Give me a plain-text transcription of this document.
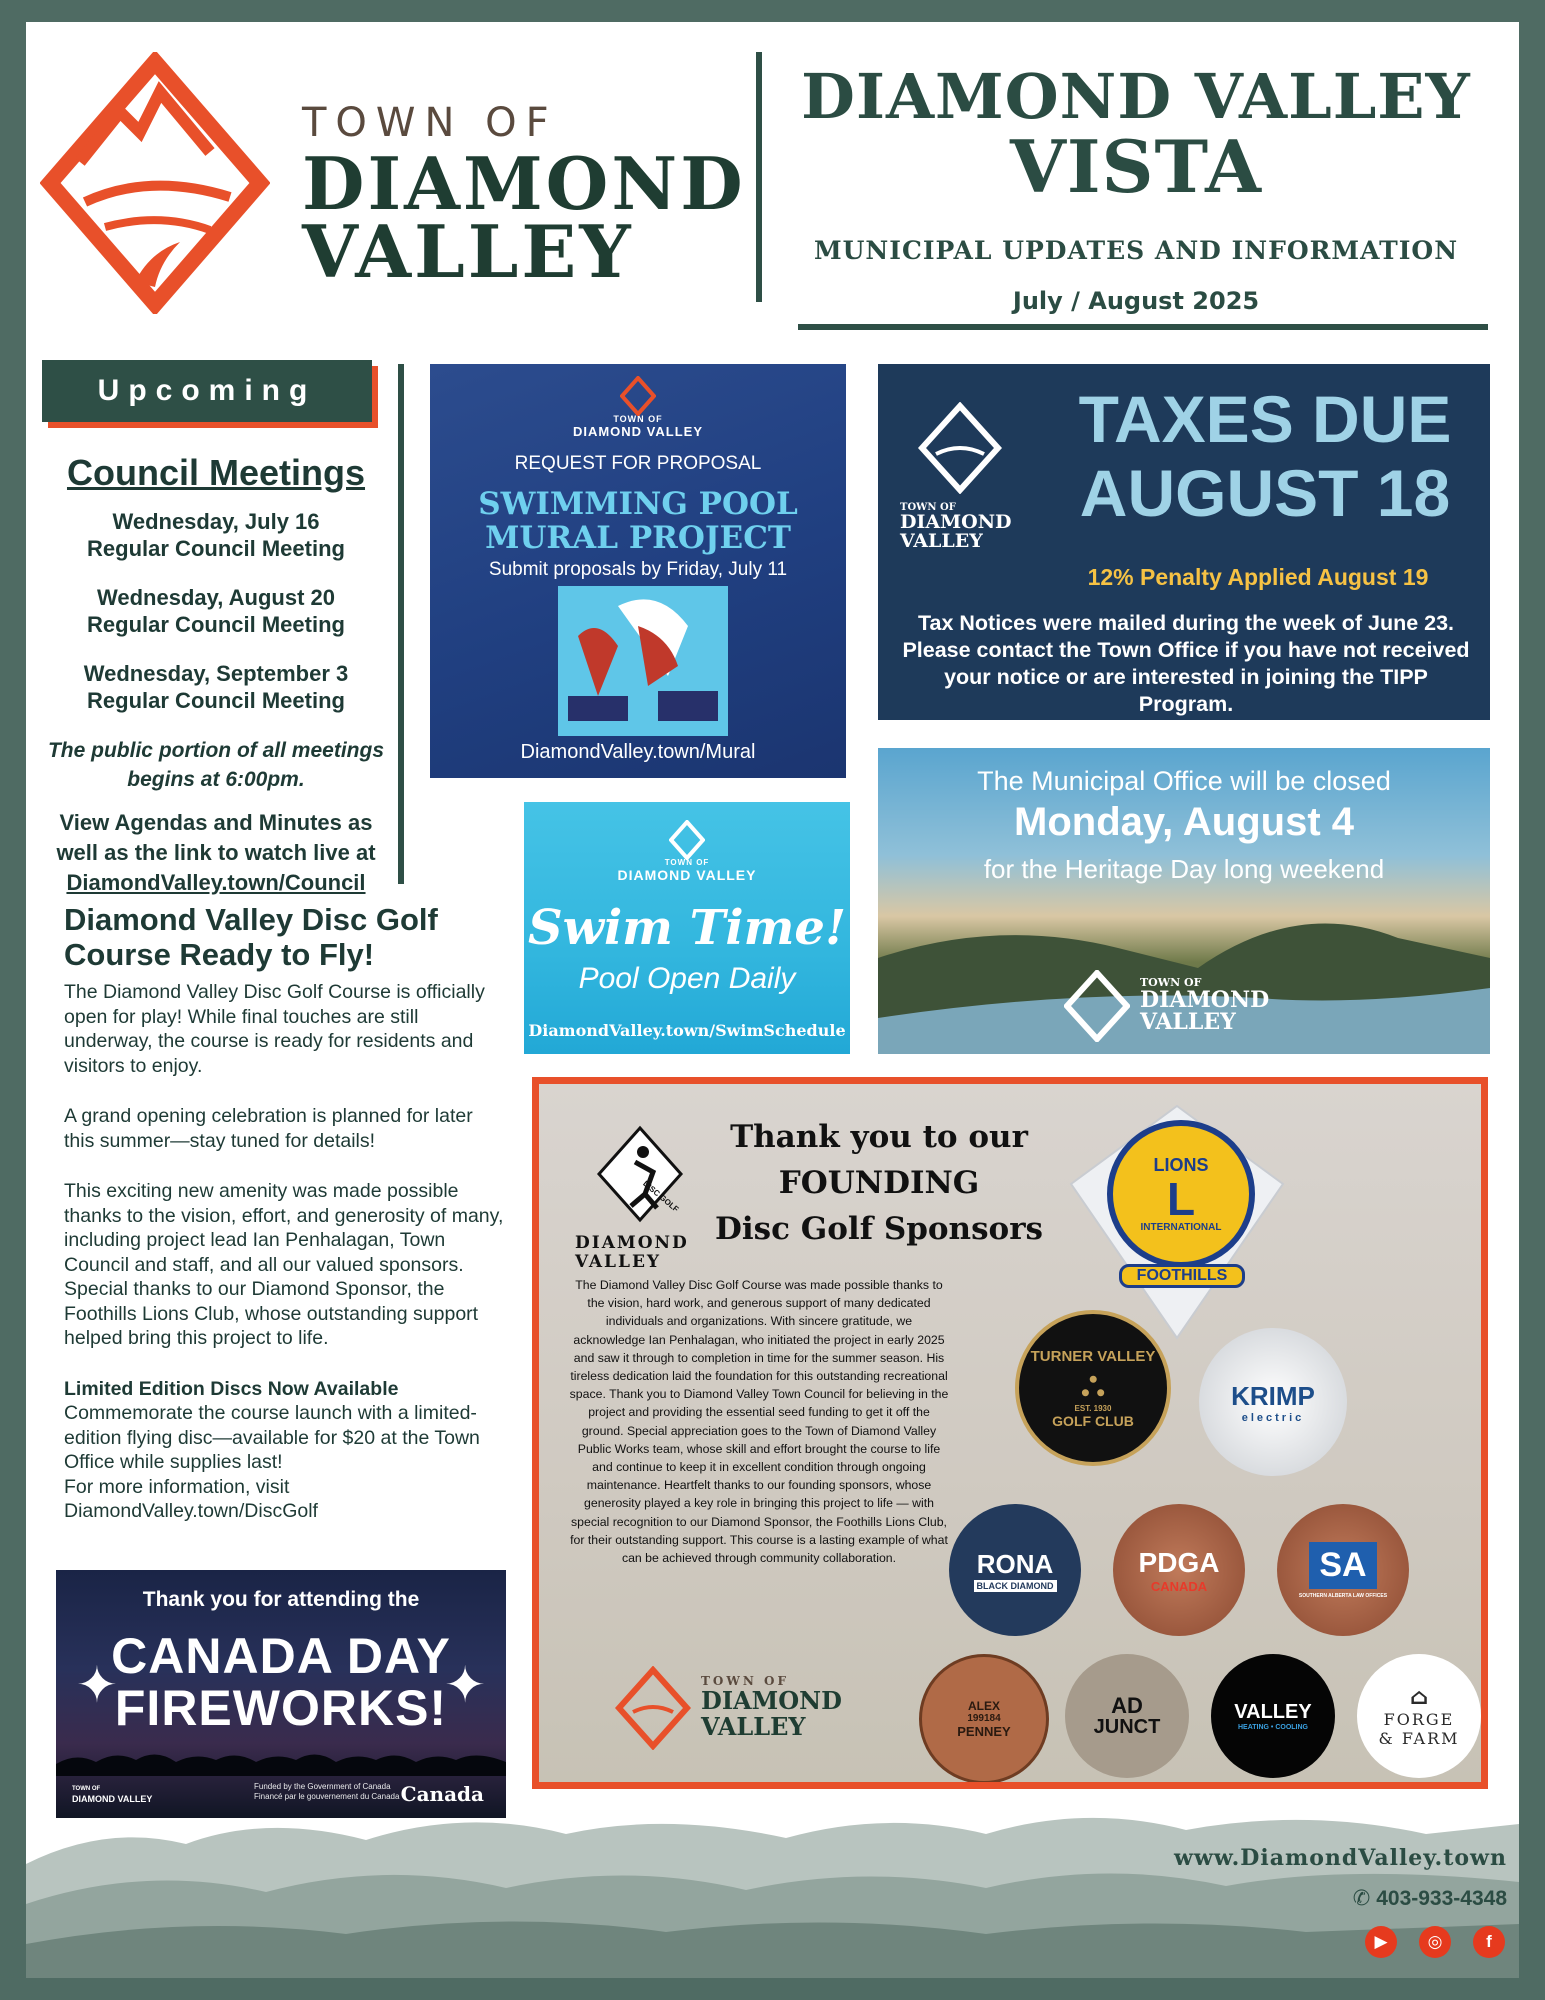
TOWN OF
DIAMOND
VALLEY
DIAMOND VALLEY
VISTA
MUNICIPAL UPDATES AND INFORMATION
July / August 2025
Upcoming
Council Meetings
Wednesday, July 16
Regular Council Meeting
Wednesday, August 20
Regular Council Meeting
Wednesday, September 3
Regular Council Meeting
The public portion of all meetings begins at 6:00pm.
View Agendas and Minutes as well as the link to watch live at
DiamondValley.town/Council
Diamond Valley Disc Golf Course Ready to Fly!

The Diamond Valley Disc Golf Course is officially open for play! While final touches are still underway, the course is ready for residents and visitors to enjoy.

A grand opening celebration is planned for later this summer—stay tuned for details!

This exciting new amenity was made possible thanks to the vision, effort, and generosity of many, including project lead Ian Penhalagan, Town Council and staff, and all our valued sponsors. Special thanks to our Diamond Sponsor, the Foothills Lions Club, whose outstanding support helped bring this project to life.

Limited Edition Discs Now Available
Commemorate the course launch with a limited-edition flying disc—available for $20 at the Town Office while supplies last!
For more information, visit
DiamondValley.town/DiscGolf

TOWN OF
DIAMOND VALLEY
REQUEST FOR PROPOSAL
SWIMMING POOL
MURAL PROJECT
Submit proposals by Friday, July 11
DiamondValley.town/Mural
TOWN OF
DIAMOND
VALLEY
TAXES DUE
AUGUST 18
12% Penalty Applied August 19
Tax Notices were mailed during the week of June 23. Please contact the Town Office if you have not received your notice or are interested in joining the TIPP Program.
TOWN OF
DIAMOND VALLEY
Swim Time!
Pool Open Daily
DiamondValley.town/SwimSchedule
The Municipal Office will be closed
Monday, August 4
for the Heritage Day long weekend
TOWN OF
DIAMOND
VALLEY
Thank you for attending the
CANADA DAY
FIREWORKS!
✦	✦
TOWN OF
DIAMOND VALLEY
Funded by the Government of Canada
Financé par le gouvernement du Canada Canada
DISC GOLF
DIAMOND
VALLEY
Thank you to our
FOUNDING
Disc Golf Sponsors
The Diamond Valley Disc Golf Course was made possible thanks to the vision, hard work, and generous support of many dedicated individuals and organizations. With sincere gratitude, we acknowledge Ian Penhalagan, who initiated the project in early 2025 and saw it through to completion in time for the summer season. His tireless dedication laid the foundation for this outstanding recreational space. Thank you to Diamond Valley Town Council for believing in the project and providing the essential seed funding to get it off the ground. Special appreciation goes to the Town of Diamond Valley Public Works team, whose skill and effort brought the course to life and continue to keep it in excellent condition through ongoing maintenance. Heartfelt thanks to our founding sponsors, whose generosity played a key role in bringing this project to life — with special recognition to our Diamond Sponsor, the Foothills Lions Club, for their outstanding support. This course is a lasting example of what can be achieved through community collaboration.
TOWN OF
DIAMOND
VALLEY
LIONS
L
INTERNATIONAL
FOOTHILLS
TURNER VALLEY
⛬
EST. 1930
GOLF CLUB
KRIMP
electric
RONA
BLACK DIAMOND
PDGA
CANADA
SA
SOUTHERN ALBERTA LAW OFFICES
ALEX
199184
PENNEY
AD
JUNCT
VALLEY
HEATING • COOLING
⌂
FORGE
& FARM
www.DiamondValley.town
✆ 403-933-4348
▶	◎	f
